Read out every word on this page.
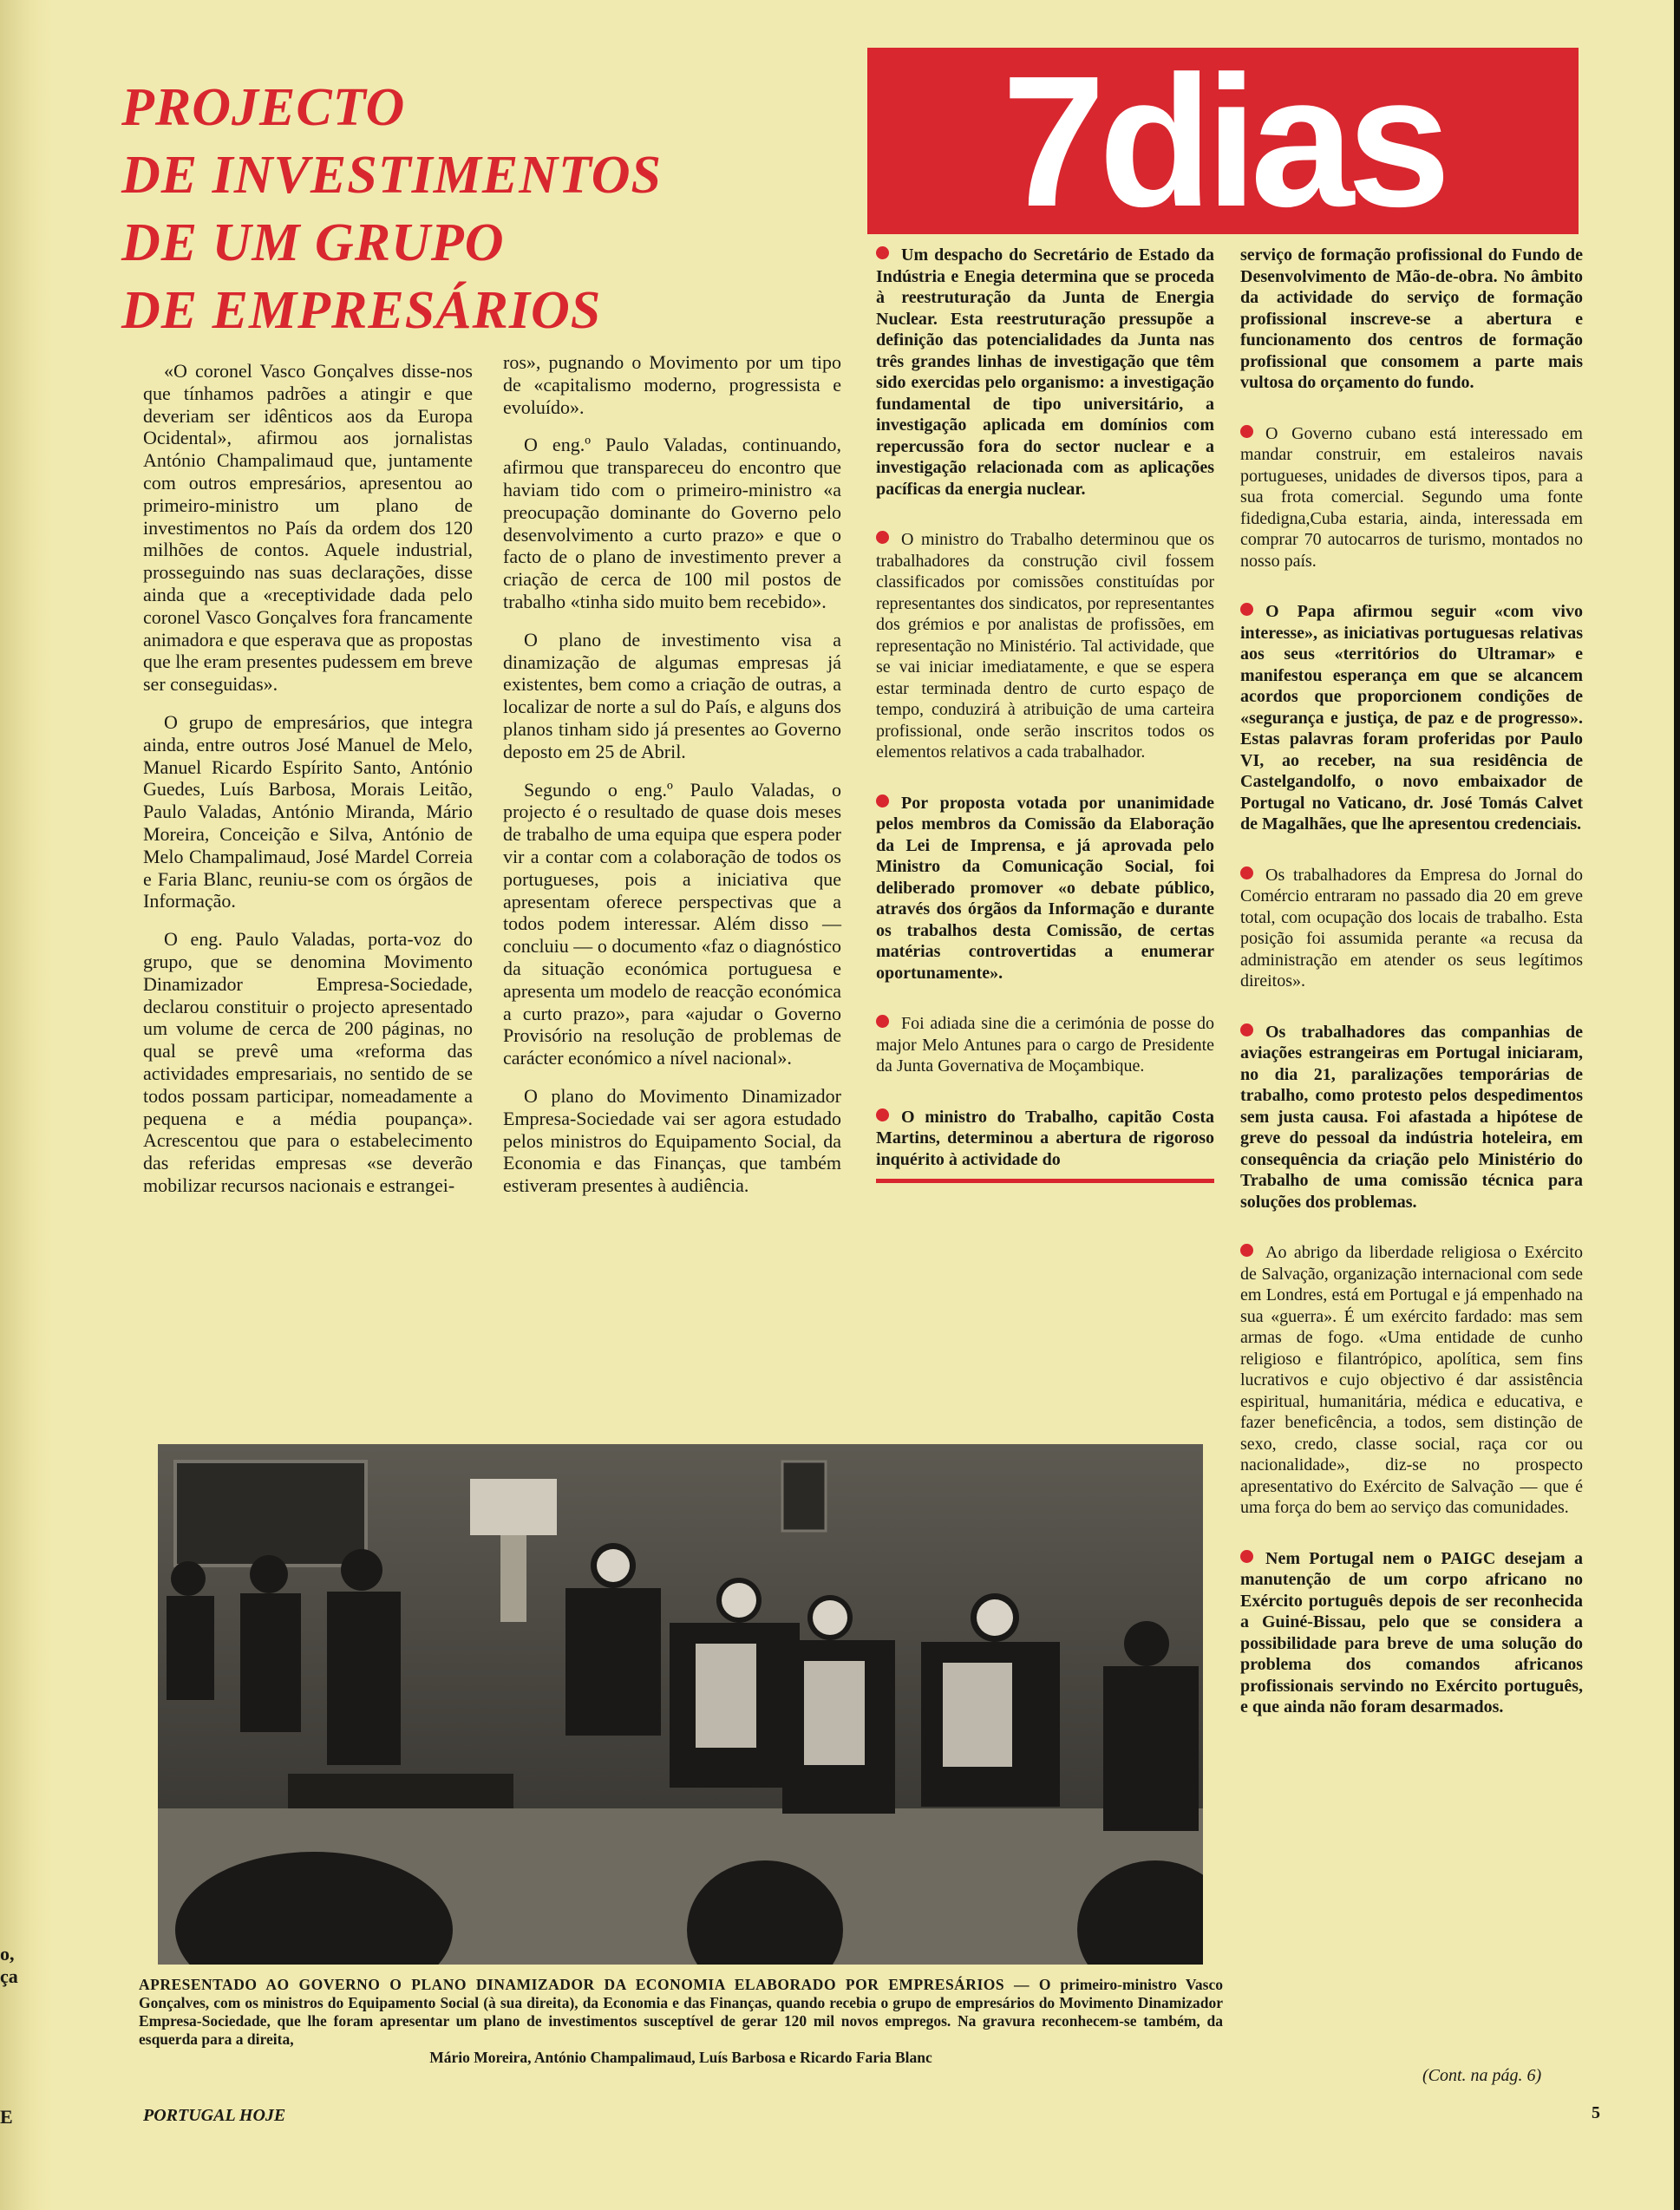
o,
ça
E
PROJECTO
DE INVESTIMENTOS
DE UM GRUPO
DE EMPRESÁRIOS
7dias

«O coronel Vasco Gonçalves disse-nos que tínhamos padrões a atingir e que deveriam ser idênticos aos da Europa Ocidental», afirmou aos jornalistas António Champalimaud que, juntamente com outros empresários, apresentou ao primeiro-ministro um plano de investimentos no País da ordem dos 120 milhões de contos. Aquele industrial, prosseguindo nas suas declarações, disse ainda que a «receptividade dada pelo coronel Vasco Gonçalves fora francamente animadora e que esperava que as propostas que lhe eram presentes pudessem em breve ser conseguidas».

O grupo de empresários, que integra ainda, entre outros José Manuel de Melo, Manuel Ricardo Espírito Santo, António Guedes, Luís Barbosa, Morais Leitão, Paulo Valadas, António Miranda, Mário Moreira, Conceição e Silva, António de Melo Champalimaud, José Mardel Correia e Faria Blanc, reuniu-se com os órgãos de Informação.

O eng. Paulo Valadas, porta-voz do grupo, que se denomina Movimento Dinamizador Empresa-Sociedade, declarou constituir o projecto apresentado um volume de cerca de 200 páginas, no qual se prevê uma «reforma das actividades empresariais, no sentido de se todos possam participar, nomeadamente a pequena e a média poupança». Acrescentou que para o estabelecimento das referidas empresas «se deverão mobilizar recursos nacionais e estrangei-

ros», pugnando o Movimento por um tipo de «capitalismo moderno, progressista e evoluído».

O eng.º Paulo Valadas, continuando, afirmou que transpareceu do encontro que haviam tido com o primeiro-ministro «a preocupação dominante do Governo pelo desenvolvimento a curto prazo» e que o facto de o plano de investimento prever a criação de cerca de 100 mil postos de trabalho «tinha sido muito bem recebido».

O plano de investimento visa a dinamização de algumas empresas já existentes, bem como a criação de outras, a localizar de norte a sul do País, e alguns dos planos tinham sido já presentes ao Governo deposto em 25 de Abril.

Segundo o eng.º Paulo Valadas, o projecto é o resultado de quase dois meses de trabalho de uma equipa que espera poder vir a contar com a colaboração de todos os portugueses, pois a iniciativa que apresentam oferece perspectivas que a todos podem interessar. Além disso — concluiu — o documento «faz o diagnóstico da situação económica portuguesa e apresenta um modelo de reacção económica a curto prazo», para «ajudar o Governo Provisório na resolução de problemas de carácter económico a nível nacional».

O plano do Movimento Dinamizador Empresa-Sociedade vai ser agora estudado pelos ministros do Equipamento Social, da Economia e das Finanças, que também estiveram presentes à audiência.

Um despacho do Secretário de Estado da Indústria e Enegia determina que se proceda à reestruturação da Junta de Energia Nuclear. Esta reestruturação pressupõe a definição das potencialidades da Junta nas três grandes linhas de investigação que têm sido exercidas pelo organismo: a investigação fundamental de tipo universitário, a investigação aplicada em domínios com repercussão fora do sector nuclear e a investigação relacionada com as aplicações pacíficas da energia nuclear.
O ministro do Trabalho determinou que os trabalhadores da construção civil fossem classificados por comissões constituídas por representantes dos sindicatos, por representantes dos grémios e por analistas de profissões, em representação no Ministério. Tal actividade, que se vai iniciar imediatamente, e que se espera estar terminada dentro de curto espaço de tempo, conduzirá à atribuição de uma carteira profissional, onde serão inscritos todos os elementos relativos a cada trabalhador.
Por proposta votada por unanimidade pelos membros da Comissão da Elaboração da Lei de Imprensa, e já aprovada pelo Ministro da Comunicação Social, foi deliberado promover «o debate público, através dos órgãos da Informação e durante os trabalhos desta Comissão, de certas matérias controvertidas a enumerar oportunamente».
Foi adiada sine die a cerimónia de posse do major Melo Antunes para o cargo de Presidente da Junta Governativa de Moçambique.
O ministro do Trabalho, capitão Costa Martins, determinou a abertura de rigoroso inquérito à actividade do
serviço de formação profissional do Fundo de Desenvolvimento de Mão-de-obra. No âmbito da actividade do serviço de formação profissional inscreve-se a abertura e funcionamento dos centros de formação profissional que consomem a parte mais vultosa do orçamento do fundo.
O Governo cubano está interessado em mandar construir, em estaleiros navais portugueses, unidades de diversos tipos, para a sua frota comercial. Segundo uma fonte fidedigna,Cuba estaria, ainda, interessada em comprar 70 autocarros de turismo, montados no nosso país.
O Papa afirmou seguir «com vivo interesse», as iniciativas portuguesas relativas aos seus «territórios do Ultramar» e manifestou esperança em que se alcancem acordos que proporcionem condições de «segurança e justiça, de paz e de progresso». Estas palavras foram proferidas por Paulo VI, ao receber, na sua residência de Castelgandolfo, o novo embaixador de Portugal no Vaticano, dr. José Tomás Calvet de Magalhães, que lhe apresentou credenciais.
Os trabalhadores da Empresa do Jornal do Comércio entraram no passado dia 20 em greve total, com ocupação dos locais de trabalho. Esta posição foi assumida perante «a recusa da administração em atender os seus legítimos direitos».
Os trabalhadores das companhias de aviações estrangeiras em Portugal iniciaram, no dia 21, paralizações temporárias de trabalho, como protesto pelos despedimentos sem justa causa. Foi afastada a hipótese de greve do pessoal da indústria hoteleira, em consequência da criação pelo Ministério do Trabalho de uma comissão técnica para soluções dos problemas.
Ao abrigo da liberdade religiosa o Exército de Salvação, organização internacional com sede em Londres, está em Portugal e já empenhado na sua «guerra». É um exército fardado: mas sem armas de fogo. «Uma entidade de cunho religioso e filantrópico, apolítica, sem fins lucrativos e cujo objectivo é dar assistência espiritual, humanitária, médica e educativa, e fazer beneficência, a todos, sem distinção de sexo, credo, classe social, raça cor ou nacionalidade», diz-se no prospecto apresentativo do Exército de Salvação — que é uma força do bem ao serviço das comunidades.
Nem Portugal nem o PAIGC desejam a manutenção de um corpo africano no Exército português depois de ser reconhecida a Guiné-Bissau, pelo que se considera a possibilidade para breve de uma solução do problema dos comandos africanos profissionais servindo no Exército português, e que ainda não foram desarmados.
APRESENTADO AO GOVERNO O PLANO DINAMIZADOR DA ECONOMIA ELABORADO POR EMPRESÁRIOS — O primeiro-ministro Vasco Gonçalves, com os ministros do Equipamento Social (à sua direita), da Economia e das Finanças, quando recebia o grupo de empresários do Movimento Dinamizador Empresa-Sociedade, que lhe foram apresentar um plano de investimentos susceptível de gerar 120 mil novos empregos. Na gravura reconhecem-se também, da esquerda para a direita,
Mário Moreira, António Champalimaud, Luís Barbosa e Ricardo Faria Blanc
(Cont. na pág. 6)
PORTUGAL HOJE	5
